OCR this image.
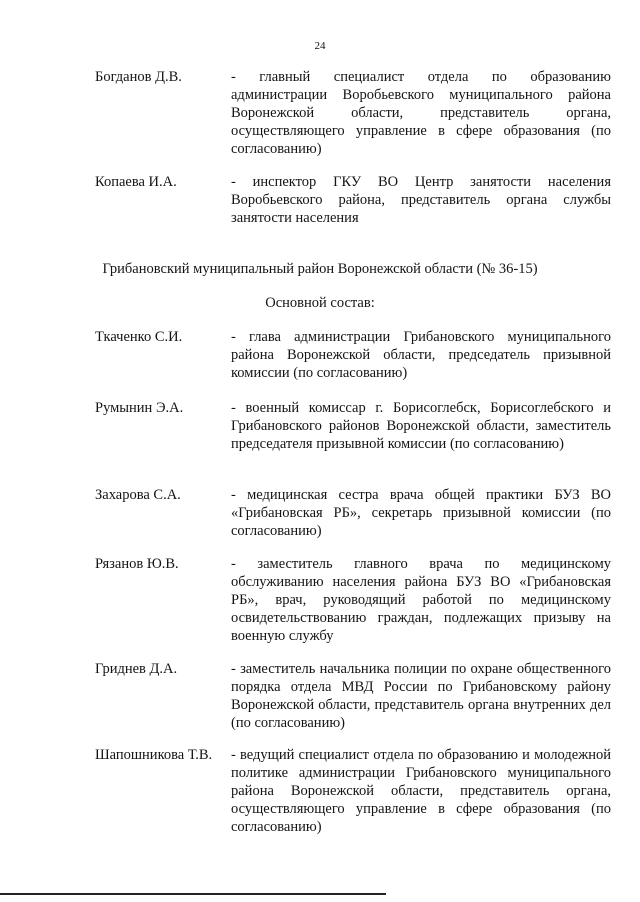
24
Богданов Д.В.	- главный специалист отдела по образованию администрации Воробьевского муниципального района Воронежской области, представитель органа, осуществляющего управление в сфере образования (по согласованию)
Копаева И.А.	- инспектор ГКУ ВО Центр занятости населения Воробьевского района, представитель органа службы занятости населения
Грибановский муниципальный район Воронежской области (№ 36-15)
Основной состав:
Ткаченко С.И.	- глава администрации Грибановского муниципального района Воронежской области, председатель призывной комиссии (по согласованию)
Румынин Э.А.	- военный комиссар г. Борисоглебск, Борисоглебского и Грибановского районов Воронежской области, заместитель председателя призывной комиссии (по согласованию)
Захарова С.А.	- медицинская сестра врача общей практики БУЗ ВО «Грибановская РБ», секретарь призывной комиссии (по согласованию)
Рязанов Ю.В.	- заместитель главного врача по медицинскому обслуживанию населения района БУЗ ВО «Грибановская РБ», врач, руководящий работой по медицинскому освидетельствованию граждан, подлежащих призыву на военную службу
Гриднев Д.А.	- заместитель начальника полиции по охране общественного порядка отдела МВД России по Грибановскому району Воронежской области, представитель органа внутренних дел (по согласованию)
Шапошникова Т.В. - ведущий специалист отдела по образованию и молодежной политике администрации Грибановского муниципального района Воронежской области, представитель органа, осуществляющего управление в сфере образования (по согласованию)
